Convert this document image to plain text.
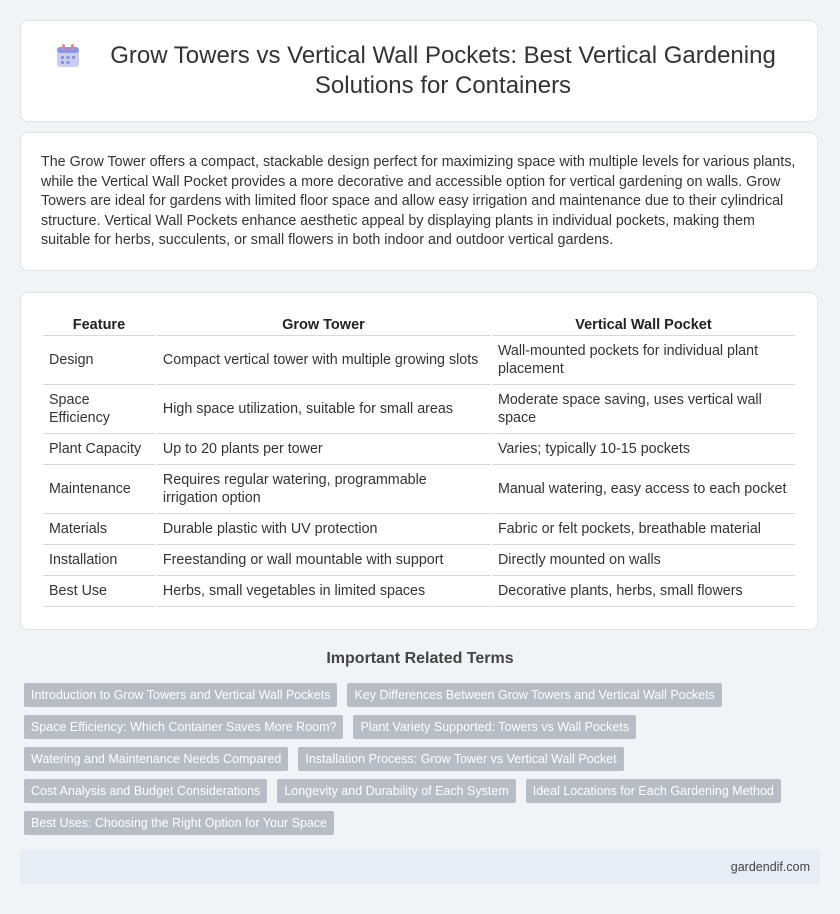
Grow Towers vs Vertical Wall Pockets: Best Vertical Gardening Solutions for Containers

The Grow Tower offers a compact, stackable design perfect for maximizing space with multiple levels for various plants, while the Vertical Wall Pocket provides a more decorative and accessible option for vertical gardening on walls. Grow Towers are ideal for gardens with limited floor space and allow easy irrigation and maintenance due to their cylindrical structure. Vertical Wall Pockets enhance aesthetic appeal by displaying plants in individual pockets, making them suitable for herbs, succulents, or small flowers in both indoor and outdoor vertical gardens.

Feature	Grow Tower	Vertical Wall Pocket
Design	Compact vertical tower with multiple growing slots	Wall-mounted pockets for individual plant placement
Space Efficiency	High space utilization, suitable for small areas	Moderate space saving, uses vertical wall space
Plant Capacity	Up to 20 plants per tower	Varies; typically 10-15 pockets
Maintenance	Requires regular watering, programmable irrigation option	Manual watering, easy access to each pocket
Materials	Durable plastic with UV protection	Fabric or felt pockets, breathable material
Installation	Freestanding or wall mountable with support	Directly mounted on walls
Best Use	Herbs, small vegetables in limited spaces	Decorative plants, herbs, small flowers
Important Related Terms
Introduction to Grow Towers and Vertical Wall Pockets	Key Differences Between Grow Towers and Vertical Wall Pockets
Space Efficiency: Which Container Saves More Room?	Plant Variety Supported: Towers vs Wall Pockets
Watering and Maintenance Needs Compared	Installation Process: Grow Tower vs Vertical Wall Pocket
Cost Analysis and Budget Considerations	Longevity and Durability of Each System	Ideal Locations for Each Gardening Method
Best Uses: Choosing the Right Option for Your Space
gardendif.com
